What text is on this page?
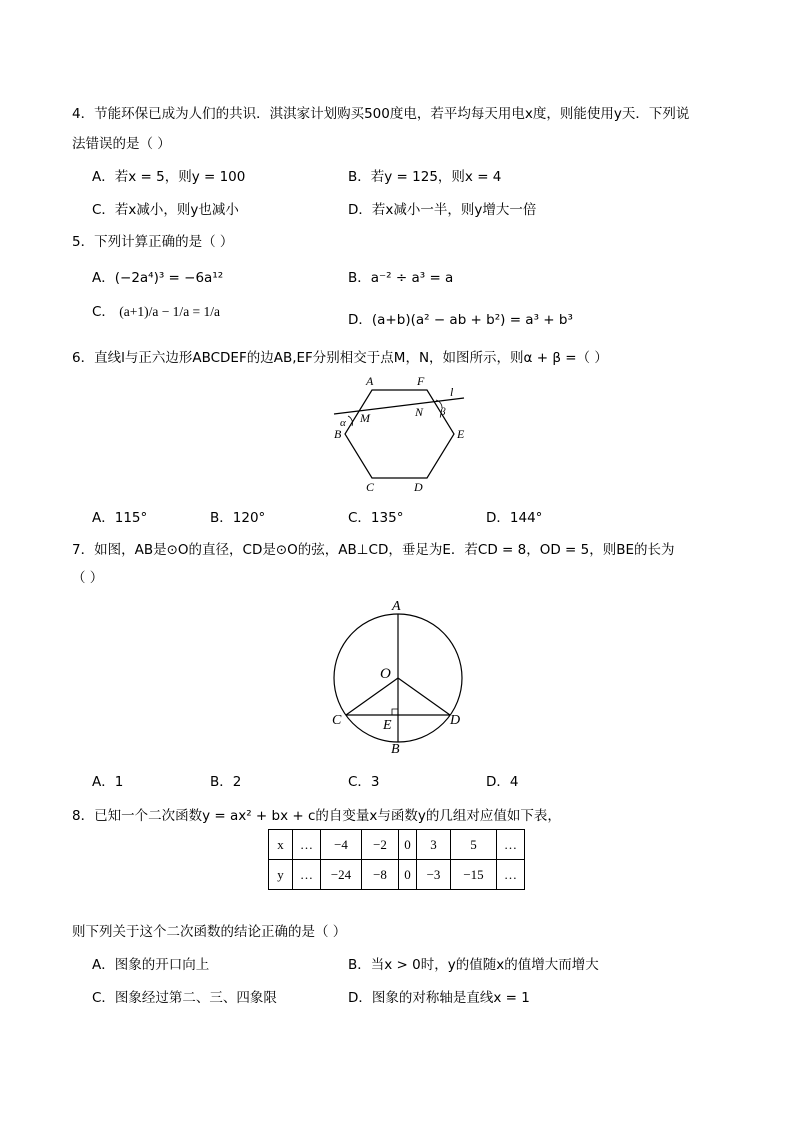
4．节能环保已成为人们的共识．淇淇家计划购买500度电，若平均每天用电x度，则能使用y天．下列说
法错误的是（ ）
A．若x = 5，则y = 100	B．若y = 125，则x = 4
C．若x减小，则y也减小	D．若x减小一半，则y增大一倍
5．下列计算正确的是（ ）
A．(−2a⁴)³ = −6a¹²	B．a⁻² ÷ a³ = a
C． (a+1)/a − 1/a = 1/a
D．(a+b)(a² − ab + b²) = a³ + b³
6．直线l与正六边形ABCDEF的边AB,EF分别相交于点M，N，如图所示，则α + β =（ ）
A	F
l
M	N
α
β
B	E
C	D
A．115°	B．120°	C．135°	D．144°
7．如图，AB是⊙O的直径，CD是⊙O的弦，AB⊥CD，垂足为E．若CD = 8，OD = 5，则BE的长为
（ ）
A
O
C	D
E
B
A．1	B．2	C．3	D．4
8．已知一个二次函数y = ax² + bx + c的自变量x与函数y的几组对应值如下表，
x	…	−4	−2	0	3	5	…
y	…	−24	−8	0	−3	−15	…
则下列关于这个二次函数的结论正确的是（ ）
A．图象的开口向上	B．当x > 0时，y的值随x的值增大而增大
C．图象经过第二、三、四象限	D．图象的对称轴是直线x = 1
